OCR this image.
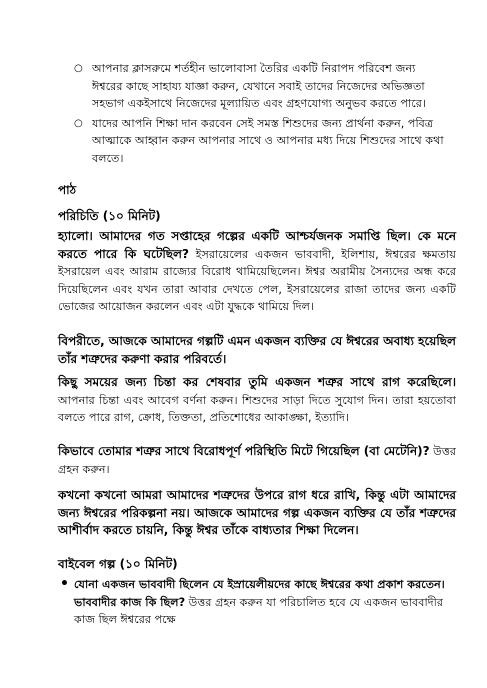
○ আপনার ক্লাসরুমে শর্তহীন ভালোবাসা তৈরির একটি নিরাপদ পরিবেশ জন্য ঈশ্বরের কাছে সাহায্য যাজ্ঞা করুন, যেখানে সবাই তাদের নিজেদের অভিজ্ঞতা সহভাগ একইসাথে নিজেদের মূল্যায়িত এবং গ্রহণযোগ্য অনুভব করতে পারে।

○ যাদের আপনি শিক্ষা দান করবেন সেই সমস্ত শিশুদের জন্য প্রার্থনা করুন, পবিত্র আত্মাকে আহ্বান করুন আপনার সাথে ও আপনার মধ্য দিয়ে শিশুদের সাথে কথা বলতে।

পাঠ
পরিচিতি (১০ মিনিট)

হ্যালো। আমাদের গত সপ্তাহের গল্পের একটি আশ্চর্যজনক সমাপ্তি ছিল। কে মনে করতে পারে কি ঘটেছিল? ইসরায়েলের একজন ভাববাদী, ইলিশায়, ঈশ্বরের ক্ষমতায় ইসরায়েল এবং আরাম রাজ্যের বিরোধ থামিয়েছিলেন। ঈশ্বর অরামীয় সৈন্যদের অন্ধ করে দিয়েছিলেন এবং যখন তারা আবার দেখতে পেল, ইসরায়েলের রাজা তাদের জন্য একটি ভোজের আয়োজন করলেন এবং এটা যুদ্ধকে থামিয়ে দিল।

বিপরীতে, আজকে আমাদের গল্পটি এমন একজন ব্যক্তির যে ঈশ্বরের অবাধ্য হয়েছিল তাঁর শত্রুদের করুণা করার পরিবর্তে।

কিছু সময়ের জন্য চিন্তা কর শেষবার তুমি একজন শত্রুর সাথে রাগ করেছিলে। আপনার চিন্তা এবং আবেগ বর্ণনা করুন। শিশুদের সাড়া দিতে সুযোগ দিন। তারা হয়তোবা বলতে পারে রাগ, ক্রোধ, তিক্ততা, প্রতিশোধের আকাঙ্ক্ষা, ইত্যাদি।

কিভাবে তোমার শত্রুর সাথে বিরোধপূর্ণ পরিস্থিতি মিটে গিয়েছিল (বা মেটেনি)? উত্তর গ্রহন করুন।

কখনো কখনো আমরা আমাদের শত্রুদের উপরে রাগ ধরে রাখি, কিন্তু এটা আমাদের জন্য ঈশ্বরের পরিকল্পনা নয়। আজকে আমাদের গল্প একজন ব্যক্তির যে তাঁর শত্রুদের আশীর্বাদ করতে চায়নি, কিন্তু ঈশ্বর তাঁকে বাধ্যতার শিক্ষা দিলেন।

বাইবেল গল্প (১০ মিনিট)

• যোনা একজন ভাববাদী ছিলেন যে ইস্রায়েলীয়দের কাছে ঈশ্বরের কথা প্রকাশ করতেন। ভাববাদীর কাজ কি ছিল? উত্তর গ্রহন করুন যা পরিচালিত হবে যে একজন ভাববাদীর কাজ ছিল ঈশ্বরের পক্ষে
